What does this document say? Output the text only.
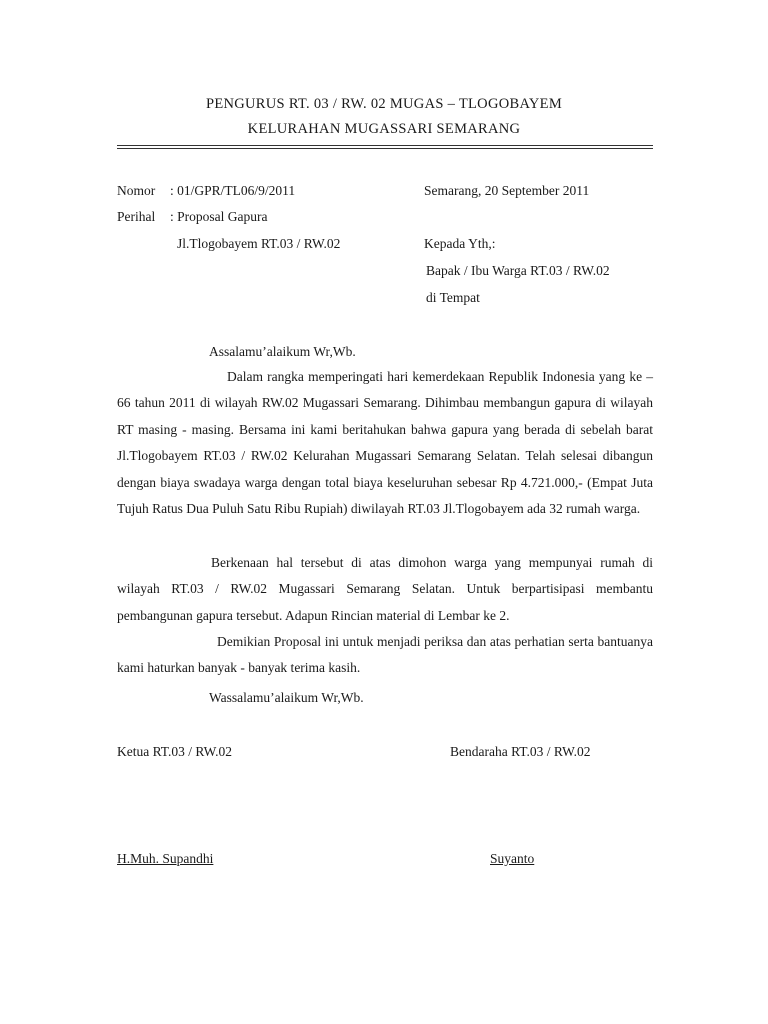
PENGURUS RT. 03 / RW. 02 MUGAS – TLOGOBAYEM
KELURAHAN MUGASSARI SEMARANG
Nomor : 01/GPR/TL06/9/2011	Semarang, 20 September 2011
Perihal : Proposal Gapura
Jl.Tlogobayem RT.03 / RW.02	Kepada Yth,:
Bapak / Ibu Warga RT.03 / RW.02
di Tempat
Assalamu’alaikum Wr,Wb.
Dalam rangka memperingati hari kemerdekaan Republik Indonesia yang ke – 66 tahun 2011 di wilayah RW.02 Mugassari Semarang. Dihimbau membangun gapura di wilayah RT masing - masing. Bersama ini kami beritahukan bahwa gapura yang berada di sebelah barat Jl.Tlogobayem RT.03 / RW.02 Kelurahan Mugassari Semarang Selatan. Telah selesai dibangun dengan biaya swadaya warga dengan total biaya keseluruhan sebesar Rp 4.721.000,- (Empat Juta Tujuh Ratus Dua Puluh Satu Ribu Rupiah) diwilayah RT.03 Jl.Tlogobayem ada 32 rumah warga.
Berkenaan hal tersebut di atas dimohon warga yang mempunyai rumah di wilayah RT.03 / RW.02 Mugassari Semarang Selatan. Untuk berpartisipasi membantu pembangunan gapura tersebut. Adapun Rincian material di Lembar ke 2.
Demikian Proposal ini untuk menjadi periksa dan atas perhatian serta bantuanya kami haturkan banyak - banyak terima kasih.
Wassalamu’alaikum Wr,Wb.
Ketua RT.03 / RW.02	Bendaraha RT.03 / RW.02
H.Muh. Supandhi	Suyanto
